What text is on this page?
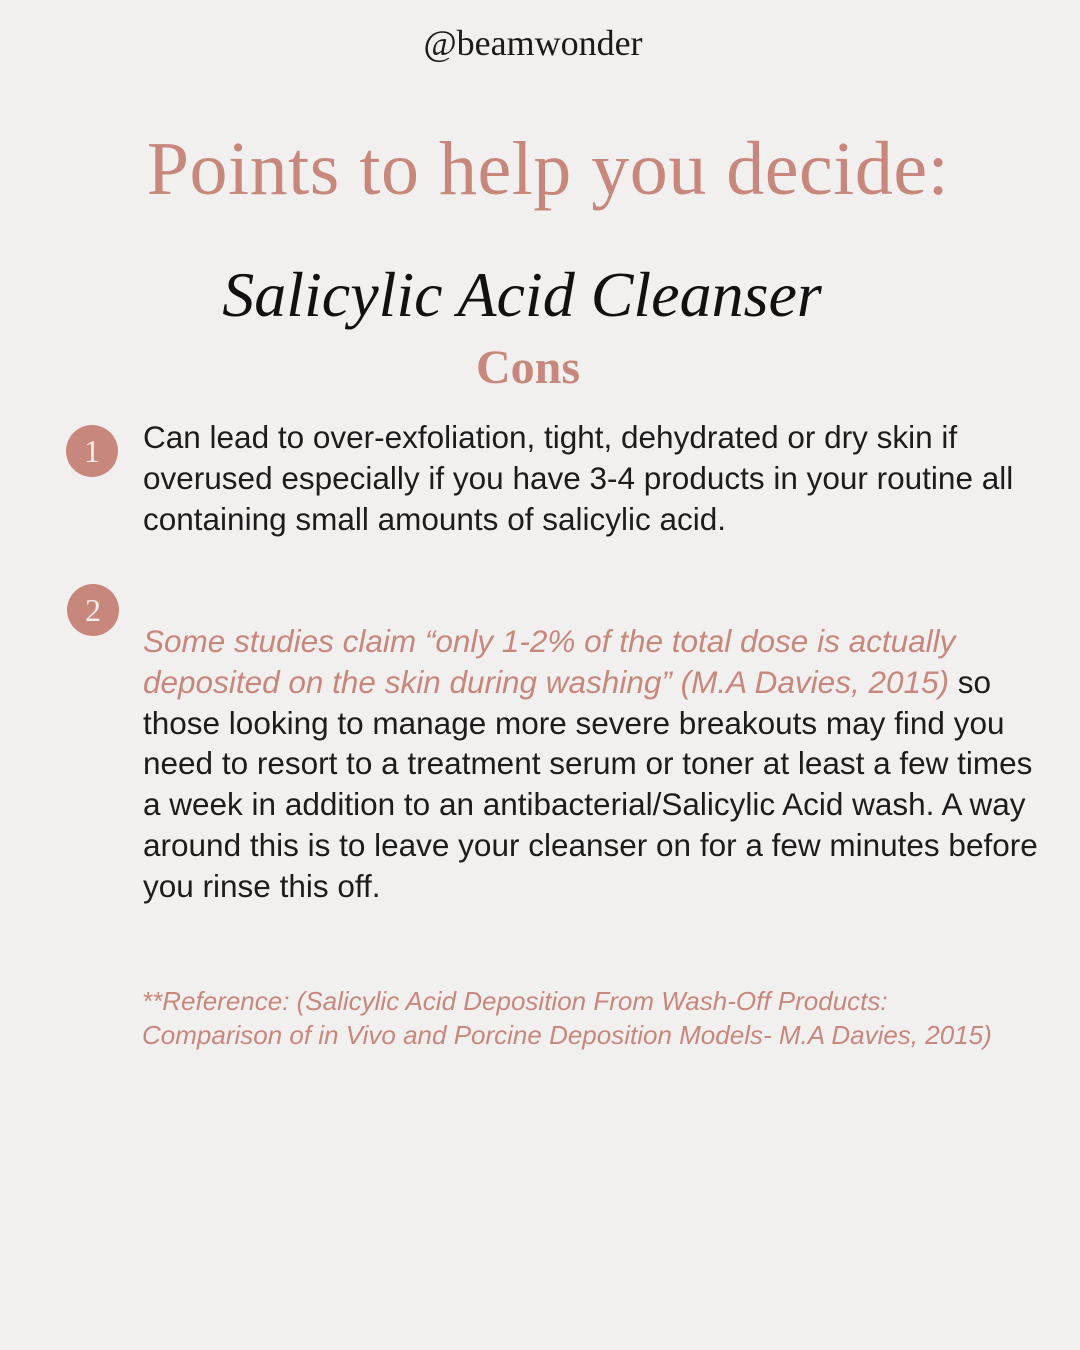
@beamwonder
Points to help you decide:
Salicylic Acid Cleanser
Cons
1	Can lead to over-exfoliation, tight, dehydrated or dry skin if overused especially if you have 3-4 products in your routine all containing small amounts of salicylic acid.
2
Some studies claim “only 1-2% of the total dose is actually deposited on the skin during washing” (M.A Davies, 2015) so those looking to manage more severe breakouts may find you need to resort to a treatment serum or toner at least a few times a week in addition to an antibacterial/Salicylic Acid wash. A way around this is to leave your cleanser on for a few minutes before you rinse this off.
**Reference: (Salicylic Acid Deposition From Wash-Off Products: Comparison of in Vivo and Porcine Deposition Models- M.A Davies, 2015)
